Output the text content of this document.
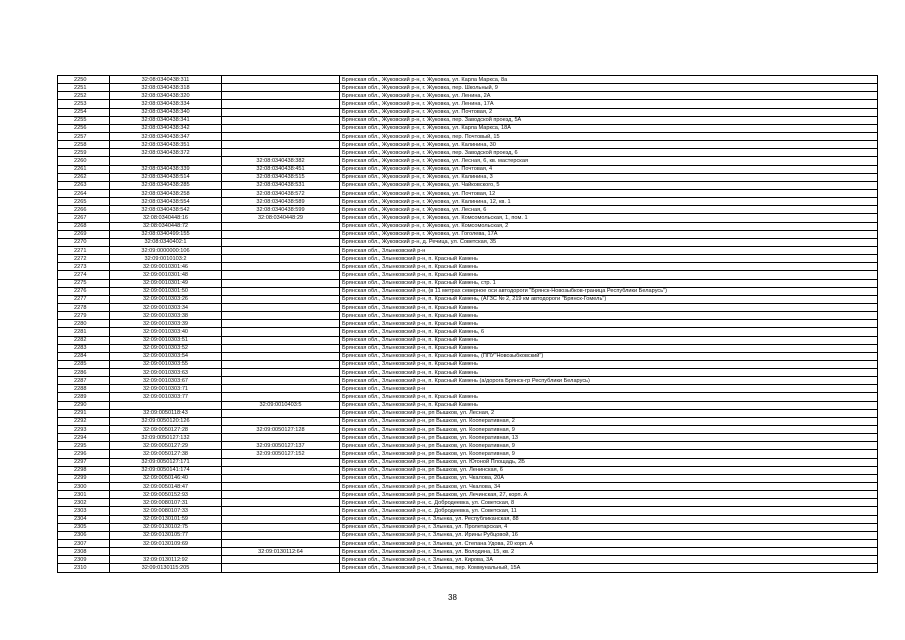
2250	32:08:0340438:311		Брянская обл., Жуковский р-н, г. Жуковка, ул. Карла Маркса, 8а
2251	32:08:0340438:318		Брянская обл., Жуковский р-н, г. Жуковка, пер. Школьный, 9
2252	32:08:0340438:320		Брянская обл., Жуковский р-н, г. Жуковка, ул. Ленина, 2А
2253	32:08:0340438:334		Брянская обл., Жуковский р-н, г. Жуковка, ул. Ленина, 17А
2254	32:08:0340438:340		Брянская обл., Жуковский р-н, г. Жуковка, ул. Почтовая, 2
2255	32:08:0340438:341		Брянская обл., Жуковский р-н, г. Жуковка, пер. Заводской проезд, 5А
2256	32:08:0340438:342		Брянская обл., Жуковский р-н, г. Жуковка, ул. Карла Маркса, 18А
2257	32:08:0340438:347		Брянская обл., Жуковский р-н, г. Жуковка, пер. Почтовый, 15
2258	32:08:0340438:351		Брянская обл., Жуковский р-н, г. Жуковка, ул. Калинина, 30
2259	32:08:0340438:372		Брянская обл., Жуковский р-н, г. Жуковка, пер. Заводской проезд, 6
2260		32:08:0340438:382	Брянская обл., Жуковский р-н, г. Жуковка, ул. Лесная, 6, кв. мастерская
2261	32:08:0340438:339	32:08:0340438:451	Брянская обл., Жуковский р-н, г. Жуковка, ул. Почтовая, 4
2262	32:08:0340438:514	32:08:0340438:515	Брянская обл., Жуковский р-н, г. Жуковка, ул. Калинина, 3
2263	32:08:0340438:285	32:08:0340438:531	Брянская обл., Жуковский р-н, г. Жуковка, ул. Чайковского, 5
2264	32:08:0340438:258	32:08:0340438:572	Брянская обл., Жуковский р-н, г. Жуковка, ул. Почтовая, 12
2265	32:08:0340438:554	32:08:0340438:589	Брянская обл., Жуковский р-н, г. Жуковка, ул. Калинина, 12, кв. 1
2266	32:08:0340438:542	32:08:0340438:599	Брянская обл., Жуковский р-н, г. Жуковка, ул. Лесная, 6
2267	32:08:0340448:16	32:08:0340448:29	Брянская обл., Жуковский р-н, г. Жуковка, ул. Комсомольская, 1, пом. 1
2268	32:08:0340448:72		Брянская обл., Жуковский р-н, г. Жуковка, ул. Комсомольская, 2
2269	32:08:0340499:155		Брянская обл., Жуковский р-н, г. Жуковка, ул. Гоголева, 17А
2270	32:08:0340402:1		Брянская обл., Жуковский р-н, д. Речица, ул. Советская, 35
2271	32:09:0000000:106		Брянская обл., Злынковский р-н
2272	32:09:0010103:2		Брянская обл., Злынковский р-н, п. Красный Камень
2273	32:09:0010301:46		Брянская обл., Злынковский р-н, п. Красный Камень
2274	32:09:0010301:48		Брянская обл., Злынковский р-н, п. Красный Камень
2275	32:09:0010301:49		Брянская обл., Злынковский р-н, п. Красный Камень, стр. 1
2276	32:09:0010301:50		Брянская обл., Злынковский р-н, (в 11 метрах северное оси автодороги "Брянск-Новозыбков-граница Республики Беларусь")
2277	32:09:0010303:26		Брянская обл., Злынковский р-н, п. Красный Камень, (АГЗС № 2, 219 км автодороги "Брянск-Гомель")
2278	32:09:0010303:34		Брянская обл., Злынковский р-н, п. Красный Камень
2279	32:09:0010303:38		Брянская обл., Злынковский р-н, п. Красный Камень
2280	32:09:0010303:39		Брянская обл., Злынковский р-н, п. Красный Камень
2281	32:09:0010303:40		Брянская обл., Злынковский р-н, п. Красный Камень, 6
2282	32:09:0010303:51		Брянская обл., Злынковский р-н, п. Красный Камень
2283	32:09:0010303:52		Брянская обл., Злынковский р-н, п. Красный Камень
2284	32:09:0010303:54		Брянская обл., Злынковский р-н, п. Красный Камень, (ППУ"Новозыбковский")
2285	32:09:0010303:55		Брянская обл., Злынковский р-н, п. Красный Камень
2286	32:09:0010303:63		Брянская обл., Злынковский р-н, п. Красный Камень
2287	32:09:0010303:67		Брянская обл., Злынковский р-н, п. Красный Камень (а/дорога Брянск-гр Республики Беларусь)
2288	32:09:0010303:71		Брянская обл., Злынковский р-н
2289	32:09:0010303:77		Брянская обл., Злынковский р-н, п. Красный Камень
2290		32:09:0010403:5	Брянская обл., Злынковский р-н, п. Красный Камень
2291	32:09:0050118:43		Брянская обл., Злынковский р-н, рп Вышков, ул. Лесная, 2
2292	32:09:0050120:126		Брянская обл., Злынковский р-н, рп Вышков, ул. Кооперативная, 2
2293	32:09:0050127:28	32:09:0050127:128	Брянская обл., Злынковский р-н, рп Вышков, ул. Кооперативная, 9
2294	32:09:0050127:132		Брянская обл., Злынковский р-н, рп Вышков, ул. Кооперативная, 13
2295	32:09:0050127:29	32:09:0050127:137	Брянская обл., Злынковский р-н, рп Вышков, ул. Кооперативная, 9
2296	32:09:0050127:38	32:09:0050127:152	Брянская обл., Злынковский р-н, рп Вышков, ул. Кооперативная, 9
2297	32:09:0050127:171		Брянская обл., Злынковский р-н, рп Вышков, ул. Югоной Площадь, 2Б
2298	32:09:0050141:174		Брянская обл., Злынковский р-н, рп Вышков, ул. Ленинская, 6
2299	32:09:0050146:40		Брянская обл., Злынковский р-н, рп Вышков, ул. Чкалова, 20А
2300	32:09:0050148:47		Брянская обл., Злынковский р-н, рп Вышков, ул. Чкалова, 34
2301	32:09:0050152:93		Брянская обл., Злынковский р-н, рп Вышков, ул. Лечинская, 27, корп. А
2302	32:09:0080107:31		Брянская обл., Злынковский р-н, с. Добродеевка, ул. Советская, 8
2303	32:09:0080107:33		Брянская обл., Злынковский р-н, с. Добродеевка, ул. Советская, 11
2304	32:09:0130101:59		Брянская обл., Злынковский р-н, г. Злынка, ул. Республиканская, 88
2305	32:09:0130102:75		Брянская обл., Злынковский р-н, г. Злынка, ул. Пролетарская, 4
2306	32:09:0130105:77		Брянская обл., Злынковский р-н, г. Злынка, ул. Ирины Рубцовой, 16
2307	32:09:0130109:69		Брянская обл., Злынковский р-н, г. Злынка, ул. Степана Удова, 20 корп. А
2308		32:09:0130112:64	Брянская обл., Злынковский р-н, г. Злынка, ул. Володина, 15, кв. 2
2309	32:09:0130112:92		Брянская обл., Злынковский р-н, г. Злынка, ул. Кирова, 3А
2310	32:09:0130115:205		Брянская обл., Злынковский р-н, г. Злынка, пер. Коммунальный, 15А
38
